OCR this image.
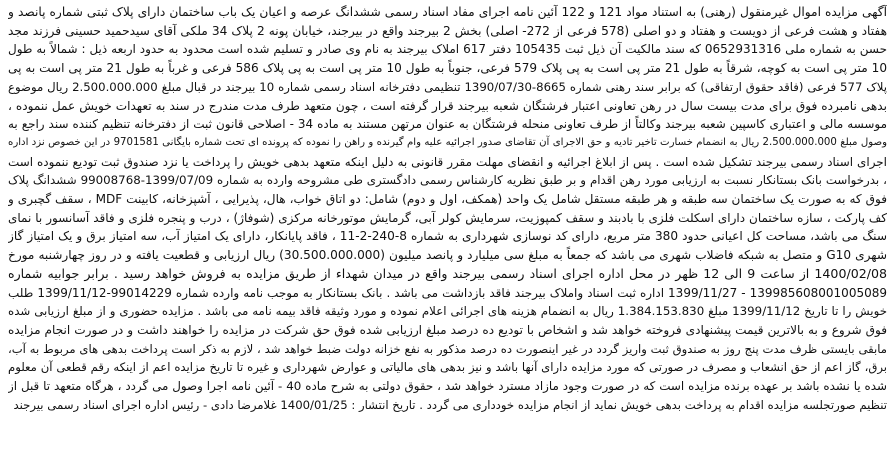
آگهی مزایده اموال غیرمنقول (رهنی) به استناد مواد 121 و 122 آئین نامه اجرای مفاد اسناد رسمی ششدانگ عرصه و اعیان یک باب ساختمان دارای پلاک ثبتی شماره پانصد و
هفتاد و هشت فرعی از دویست و هفتاد و دو اصلی (578 فرعی از 272- اصلی) بخش 2 بیرجند واقع در بیرجند، خیابان پونه 2 پلاک 34 ملکی آقای سیدحمید حسینی فرزند مجد
حسن به شماره ملی 0652931316 که سند مالکیت آن ذیل ثبت 105435 دفتر 617 املاک بیرجند به نام وی صادر و تسلیم شده است محدود به حدود اربعه ذیل : شمالاً به طول
10 متر پی است به کوچه، شرقاً به طول 21 متر پی است به پی پلاک 579 فرعی، جنوباً به طول 10 متر پی است به پی پلاک 586 فرعی و غرباً به طول 21 متر پی است به پی
پلاک 577 فرعی (فاقد حقوق ارتفاقی) که برابر سند رهنی شماره 8665-1390/07/30 تنظیمی دفترخانه اسناد رسمی شماره 10 بیرجند در قبال مبلغ 2.500.000.000 ریال موضوع
بدهی نامبرده فوق برای مدت بیست سال در رهن تعاونی اعتبار فرشتگان شعبه بیرجند قرار گرفته است ، چون متعهد طرف مدت مندرج در سند به تعهدات خویش عمل ننموده ،
موسسه مالی و اعتباری کاسپین شعبه بیرجند وکالتاً از طرف تعاونی منحله فرشتگان به عنوان مرتهن مستند به ماده 34 - اصلاحی قانون ثبت از دفترخانه تنظیم کننده سند راجع به
وصول مبلغ 2.500.000.000 ریال به انضمام خسارت تاخیر تادیه و حق الاجرای آن تقاضای صدور اجرائیه علیه وام گیرنده و راهن را نموده که پرونده ای تحت شماره بایگانی 9701581 در این خصوص نزد اداره
اجرای اسناد رسمی بیرجند تشکیل شده است . پس از ابلاغ اجرائیه و انقضای مهلت مقرر قانونی به دلیل اینکه متعهد بدهی خویش را پرداخت یا نزد صندوق ثبت تودیع ننموده است
، بدرخواست بانک بستانکار نسبت به ارزیابی مورد رهن اقدام و بر طبق نظریه کارشناس رسمی دادگستری طی مشروحه وارده به شماره 1399/07/09-99008768 ششدانگ پلاک
فوق که به صورت یک ساختمان سه طبقه و هر طبقه مستقل شامل یک واحد (همکف، اول و دوم) شامل: دو اتاق خواب، هال، پذیرایی ، آشپزخانه، کابینت MDF ، سقف گچبری و
کف پارکت ، سازه ساختمان دارای اسکلت فلزی با بادبند و سقف کمپوزیت، سرمایش کولر آبی، گرمایش موتورخانه مرکزی (شوفاژ) ، درب و پنجره فلزی و فاقد آسانسور با نمای
سنگ می باشد، مساحت کل اعیانی حدود 380 متر مربع، دارای کد نوسازی شهرداری به شماره 8-240-2-11 ، فاقد پایانکار، دارای یک امتیاز آب، سه امتیاز برق و یک امتیاز گاز
شهری G10 و متصل به شبکه فاضلاب شهری می باشد که جمعاً به مبلغ سی میلیارد و پانصد میلیون (30.500.000.000) ریال ارزیابی و قطعیت یافته و در روز چهارشنبه مورخ
1400/02/08 از ساعت 9 الی 12 ظهر در محل اداره اجرای اسناد رسمی بیرجند واقع در میدان شهداء از طریق مزایده به فروش خواهد رسید . برابر جوابیه شماره
139985608001005089 - 1399/11/27 اداره ثبت اسناد واملاک بیرجند فاقد بازداشت می باشد . بانک بستانکار به موجب نامه وارده شماره 99014229-1399/11/12 طلب
خویش را تا تاریخ 1399/11/12 مبلغ 1.384.153.830 ریال به انضمام هزینه های اجرائی اعلام نموده و مورد وثیقه فاقد بیمه نامه می باشد . مزایده حضوری و از مبلغ ارزیابی شده
فوق شروع و به بالاترین قیمت پیشنهادی فروخته خواهد شد و اشخاص با تودیع ده درصد مبلغ ارزیابی شده فوق حق شرکت در مزایده را خواهند داشت و در صورت انجام مزایده
مابقی بایستی ظرف مدت پنج روز به صندوق ثبت واریز گردد در غیر اینصورت ده درصد مذکور به نفع خزانه دولت ضبط خواهد شد ، لازم به ذکر است پرداخت بدهی های مربوط به آب،
برق، گاز اعم از حق انشعاب و مصرف در صورتی که مورد مزایده دارای آنها باشد و نیز بدهی های مالیاتی و عوارض شهرداری و غیره تا تاریخ مزایده اعم از اینکه رقم قطعی آن معلوم
شده یا نشده باشد بر عهده برنده مزایده است که در صورت وجود مازاد مسترد خواهد شد ، حقوق دولتی به شرح ماده 40 - آئین نامه اجرا وصول می گردد ، هرگاه متعهد تا قبل از
تنظیم صورتجلسه مزایده اقدام به پرداخت بدهی خویش نماید از انجام مزایده خودداری می گردد . تاریخ انتشار : 1400/01/25 غلامرضا دادی - رئیس اداره اجرای اسناد رسمی بیرجند
